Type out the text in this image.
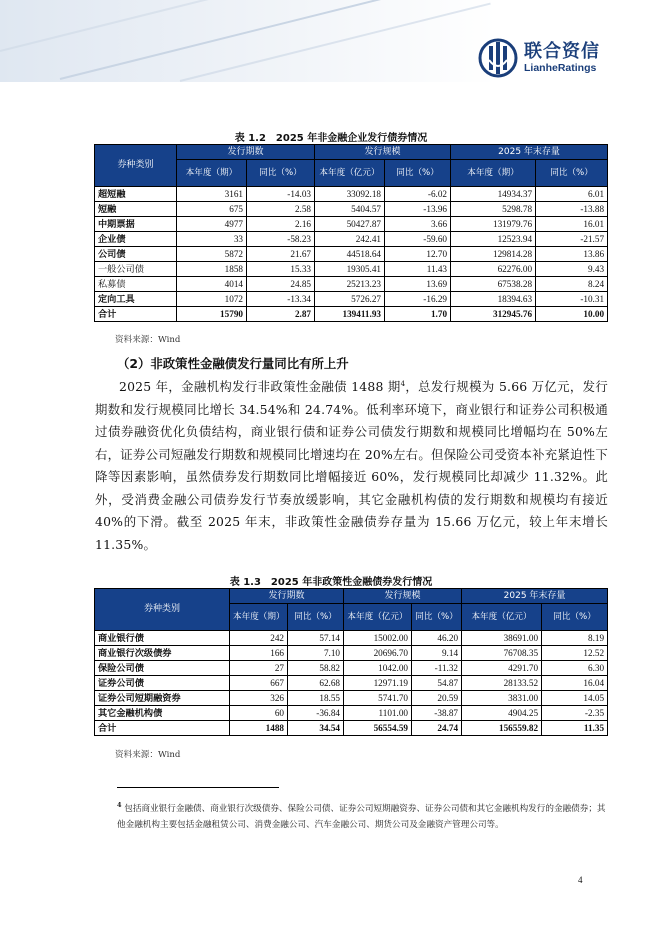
联合资信
LianheRatings
表 1.2　2025 年非金融企业发行债券情况
券种类别	发行期数		发行规模		2025 年末存量	
	本年度（期）	同比（%）	本年度（亿元）	同比（%）	本年度（期）	同比（%）
超短融	3161	-14.03	33092.18	-6.02	14934.37	6.01
短融	675	2.58	5404.57	-13.96	5298.78	-13.88
中期票据	4977	2.16	50427.87	3.66	131979.76	16.01
企业债	33	-58.23	242.41	-59.60	12523.94	-21.57
公司债	5872	21.67	44518.64	12.70	129814.28	13.86
一般公司债	1858	15.33	19305.41	11.43	62276.00	9.43
私募债	4014	24.85	25213.23	13.69	67538.28	8.24
定向工具	1072	-13.34	5726.27	-16.29	18394.63	-10.31
合计	15790	2.87	139411.93	1.70	312945.76	10.00
资料来源：Wind
（2）非政策性金融债发行量同比有所上升
2025 年，金融机构发行非政策性金融债 1488 期$^4$，总发行规模为 5.66 万亿元，发行期数和发行规模同比增长 34.54%和 24.74%。低利率环境下，商业银行和证券公司积极通过债券融资优化负债结构，商业银行债和证券公司债发行期数和规模同比增幅均在 50%左右，证券公司短融发行期数和规模同比增速均在 20%左右。但保险公司受资本补充紧迫性下降等因素影响，虽然债券发行期数同比增幅接近 60%，发行规模同比却减少 11.32%。此外，受消费金融公司债券发行节奏放缓影响，其它金融机构债的发行期数和规模均有接近 40%的下滑。截至 2025 年末，非政策性金融债券存量为 15.66 万亿元，较上年末增长 11.35%。
表 1.3　2025 年非政策性金融债券发行情况
券种类别	发行期数		发行规模		2025 年末存量	
	本年度（期）	同比（%）	本年度（亿元）	同比（%）	本年度（亿元）	同比（%）
商业银行债	242	57.14	15002.00	46.20	38691.00	8.19
商业银行次级债券	166	7.10	20696.70	9.14	76708.35	12.52
保险公司债	27	58.82	1042.00	-11.32	4291.70	6.30
证券公司债	667	62.68	12971.19	54.87	28133.52	16.04
证券公司短期融资券	326	18.55	5741.70	20.59	3831.00	14.05
其它金融机构债	60	-36.84	1101.00	-38.87	4904.25	-2.35
合计	1488	34.54	56554.59	24.74	156559.82	11.35
资料来源：Wind
$^4$ 包括商业银行金融债、商业银行次级债券、保险公司债、证券公司短期融资券、证券公司债和其它金融机构发行的金融债券；其他金融机构主要包括金融租赁公司、消费金融公司、汽车金融公司、期货公司及金融资产管理公司等。
4
